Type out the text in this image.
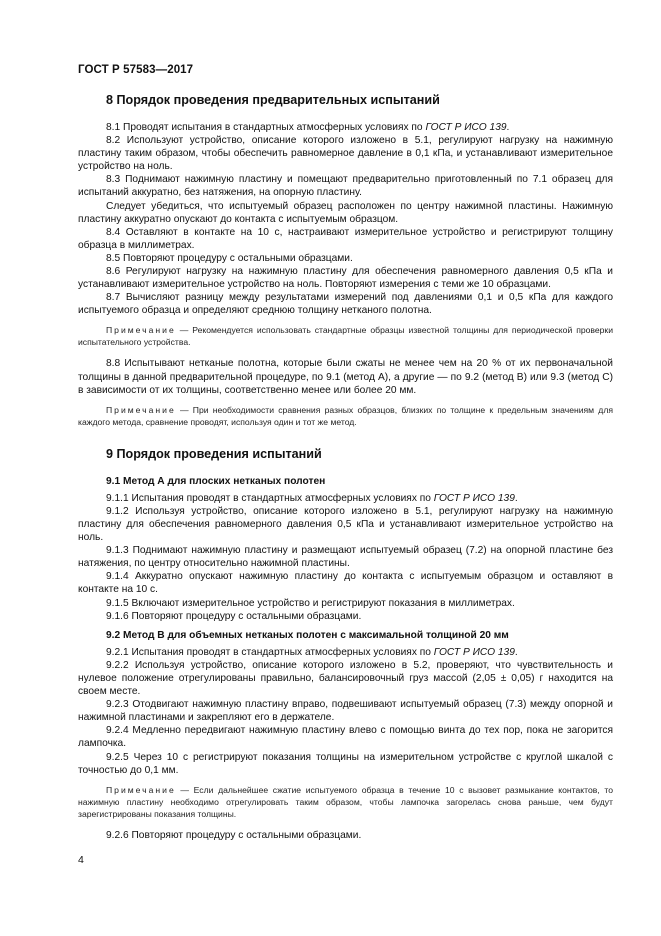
ГОСТ Р 57583—2017
8 Порядок проведения предварительных испытаний

8.1 Проводят испытания в стандартных атмосферных условиях по ГОСТ Р ИСО 139.

8.2 Используют устройство, описание которого изложено в 5.1, регулируют нагрузку на нажимную пластину таким образом, чтобы обеспечить равномерное давление в 0,1 кПа, и устанавливают измерительное устройство на ноль.

8.3 Поднимают нажимную пластину и помещают предварительно приготовленный по 7.1 образец для испытаний аккуратно, без натяжения, на опорную пластину.

Следует убедиться, что испытуемый образец расположен по центру нажимной пластины. Нажимную пластину аккуратно опускают до контакта с испытуемым образцом.

8.4 Оставляют в контакте на 10 с, настраивают измерительное устройство и регистрируют толщину образца в миллиметрах.

8.5 Повторяют процедуру с остальными образцами.

8.6 Регулируют нагрузку на нажимную пластину для обеспечения равномерного давления 0,5 кПа и устанавливают измерительное устройство на ноль. Повторяют измерения с теми же 10 образцами.

8.7 Вычисляют разницу между результатами измерений под давлениями 0,1 и 0,5 кПа для каждого испытуемого образца и определяют среднюю толщину нетканого полотна.

Примечание — Рекомендуется использовать стандартные образцы известной толщины для периодической проверки испытательного устройства.

8.8 Испытывают нетканые полотна, которые были сжаты не менее чем на 20 % от их первоначальной толщины в данной предварительной процедуре, по 9.1 (метод А), а другие — по 9.2 (метод В) или 9.3 (метод С) в зависимости от их толщины, соответственно менее или более 20 мм.

Примечание — При необходимости сравнения разных образцов, близких по толщине к предельным значениям для каждого метода, сравнение проводят, используя один и тот же метод.

9 Порядок проведения испытаний
9.1 Метод А для плоских нетканых полотен

9.1.1 Испытания проводят в стандартных атмосферных условиях по ГОСТ Р ИСО 139.

9.1.2 Используя устройство, описание которого изложено в 5.1, регулируют нагрузку на нажимную пластину для обеспечения равномерного давления 0,5 кПа и устанавливают измерительное устройство на ноль.

9.1.3 Поднимают нажимную пластину и размещают испытуемый образец (7.2) на опорной пластине без натяжения, по центру относительно нажимной пластины.

9.1.4 Аккуратно опускают нажимную пластину до контакта с испытуемым образцом и оставляют в контакте на 10 с.

9.1.5 Включают измерительное устройство и регистрируют показания в миллиметрах.

9.1.6 Повторяют процедуру с остальными образцами.

9.2 Метод В для объемных нетканых полотен с максимальной толщиной 20 мм

9.2.1 Испытания проводят в стандартных атмосферных условиях по ГОСТ Р ИСО 139.

9.2.2 Используя устройство, описание которого изложено в 5.2, проверяют, что чувствительность и нулевое положение отрегулированы правильно, балансировочный груз массой (2,05 ± 0,05) г находится на своем месте.

9.2.3 Отодвигают нажимную пластину вправо, подвешивают испытуемый образец (7.3) между опорной и нажимной пластинами и закрепляют его в держателе.

9.2.4 Медленно передвигают нажимную пластину влево с помощью винта до тех пор, пока не загорится лампочка.

9.2.5 Через 10 с регистрируют показания толщины на измерительном устройстве с круглой шкалой с точностью до 0,1 мм.

Примечание — Если дальнейшее сжатие испытуемого образца в течение 10 с вызовет размыкание контактов, то нажимную пластину необходимо отрегулировать таким образом, чтобы лампочка загорелась снова раньше, чем будут зарегистрированы показания толщины.

9.2.6 Повторяют процедуру с остальными образцами.

4
